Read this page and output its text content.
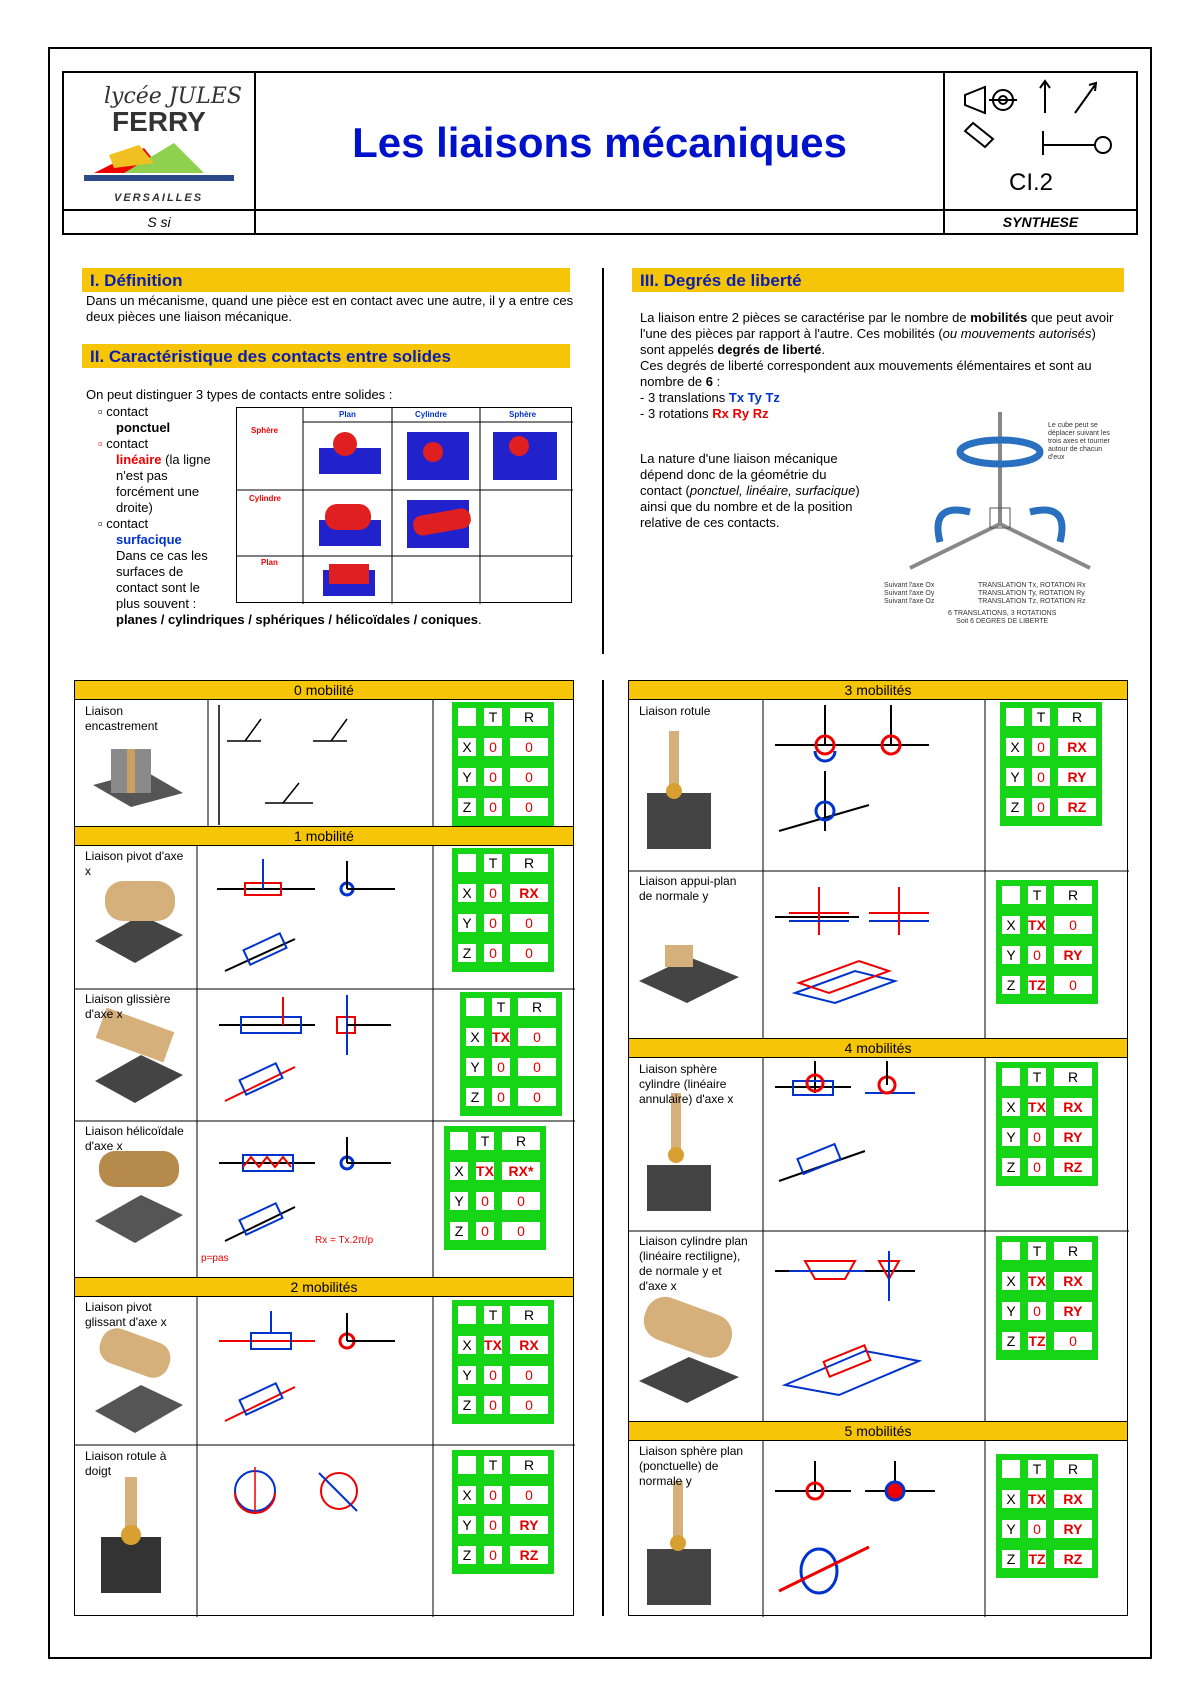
lycée JULES
FERRY
VERSAILLES
Les liaisons mécaniques
CI.2
S si	SYNTHESE
I. Définition
Dans un mécanisme, quand une pièce est en contact avec une autre, il y a entre ces deux pièces une liaison mécanique.
II. Caractéristique des contacts entre solides
On peut distinguer 3 types de contacts entre solides :
▫ contact
ponctuel
▫ contact
linéaire (la ligne n'est pas forcément une droite)
▫ contact
surfacique
Dans ce cas les surfaces de contact sont le plus souvent :
planes / cylindriques / sphériques / hélicoïdales / coniques.
Plan	Cylindre	Sphère
Sphère
Cylindre
Plan
III. Degrés de liberté
La liaison entre 2 pièces se caractérise par le nombre de mobilités que peut avoir l'une des pièces par rapport à l'autre. Ces mobilités (ou mouvements autorisés) sont appelés degrés de liberté.
Ces degrés de liberté correspondent aux mouvements élémentaires et sont au nombre de 6 :
- 3 translations Tx Ty Tz
- 3 rotations Rx Ry Rz
La nature d'une liaison mécanique dépend donc de la géométrie du contact (ponctuel, linéaire, surfacique) ainsi que du nombre et de la position relative de ces contacts.
Le cube peut se déplacer suivant les trois axes et tourner autour de chacun d'eux
Suivant l'axe Ox
Suivant l'axe Oy
Suivant l'axe Oz
TRANSLATION Tx, ROTATION Rx
TRANSLATION Ty, ROTATION Ry
TRANSLATION Tz, ROTATION Rz
6 TRANSLATIONS, 3 ROTATIONS
Soit 6 DEGRES DE LIBERTE
0 mobilité
1 mobilité
2 mobilités
Liaison encastrement
Liaison pivot d'axe x
Liaison glissière d'axe x
Liaison hélicoïdale d'axe x
Liaison pivot glissant d'axe x
Liaison rotule à doigt
Rx = Tx.2π/p
p=pas
3 mobilités
4 mobilités
5 mobilités
Liaison rotule
Liaison appui-plan de normale y
Liaison sphère cylindre (linéaire annulaire) d'axe x
Liaison cylindre plan (linéaire rectiligne), de normale y et d'axe x
Liaison sphère plan (ponctuelle) de normale y
T	R
X	0	0
Y	0	0
Z	0	0
T	R
X	0	RX
Y	0	0
Z	0	0
T	R
X TX	0
Y	0	0
Z	0	0
T	R
X TX	RX*
Y	0	0
Z	0	0
T	R
X TX	RX
Y	0	0
Z	0	0
T	R
X	0	0
Y	0	RY
Z	0	RZ
T	R
X	0	RX
Y	0	RY
Z	0	RZ
T	R
X TX	0
Y	0	RY
Z TZ	0
T	R
X TX	RX
Y	0	RY
Z	0	RZ
T	R
X TX	RX
Y	0	RY
Z TZ	0
T	R
X TX	RX
Y	0	RY
Z TZ	RZ
